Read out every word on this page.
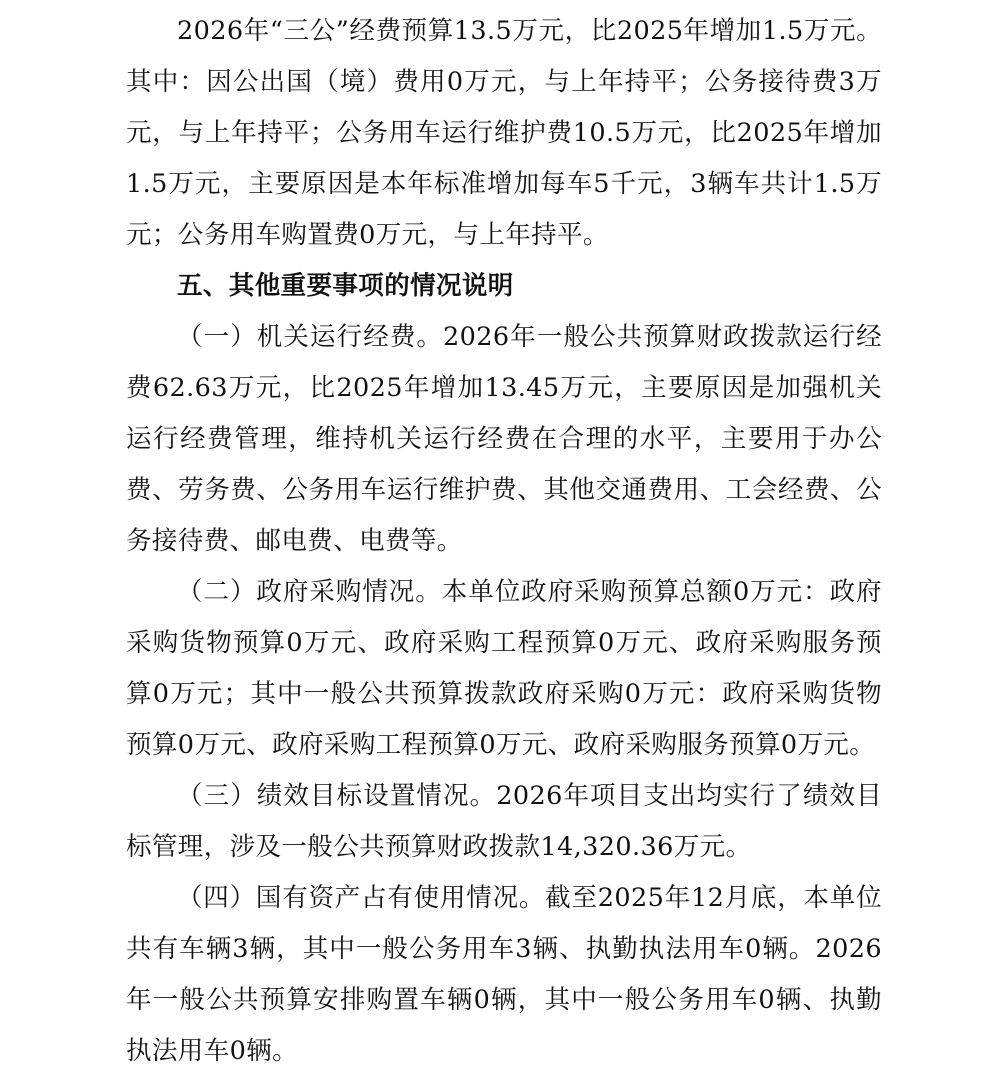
2026年“三公”经费预算13.5万元，比2025年增加1.5万元。其中：因公出国（境）费用0万元，与上年持平；公务接待费3万元，与上年持平；公务用车运行维护费10.5万元，比2025年增加1.5万元，主要原因是本年标准增加每车5千元，3辆车共计1.5万元；公务用车购置费0万元，与上年持平。

五、其他重要事项的情况说明

（一）机关运行经费。2026年一般公共预算财政拨款运行经费62.63万元，比2025年增加13.45万元，主要原因是加强机关运行经费管理，维持机关运行经费在合理的水平，主要用于办公费、劳务费、公务用车运行维护费、其他交通费用、工会经费、公务接待费、邮电费、电费等。

（二）政府采购情况。本单位政府采购预算总额0万元：政府采购货物预算0万元、政府采购工程预算0万元、政府采购服务预算0万元；其中一般公共预算拨款政府采购0万元：政府采购货物预算0万元、政府采购工程预算0万元、政府采购服务预算0万元。

（三）绩效目标设置情况。2026年项目支出均实行了绩效目标管理，涉及一般公共预算财政拨款14,320.36万元。

（四）国有资产占有使用情况。截至2025年12月底，本单位共有车辆3辆，其中一般公务用车3辆、执勤执法用车0辆。2026年一般公共预算安排购置车辆0辆，其中一般公务用车0辆、执勤执法用车0辆。
